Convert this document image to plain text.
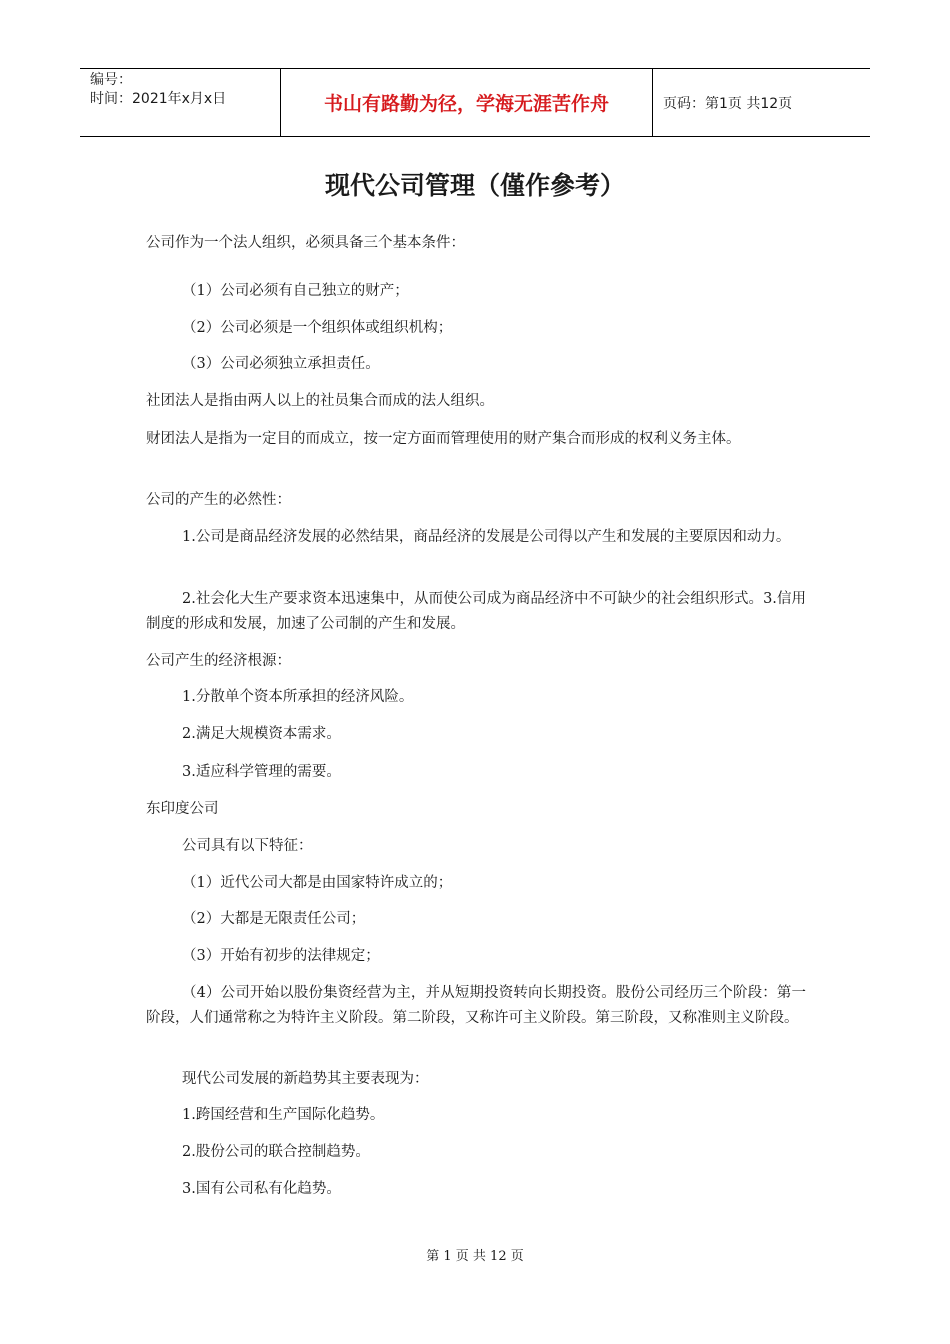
编号：
时间：2021年x月x日	书山有路勤为径，学海无涯苦作舟	页码：第1页 共12页
现代公司管理（僅作參考）
公司作为一个法人组织，必须具备三个基本条件：
（1）公司必须有自己独立的财产；
（2）公司必须是一个组织体或组织机构；
（3）公司必须独立承担责任。
社团法人是指由两人以上的社员集合而成的法人组织。
财团法人是指为一定目的而成立，按一定方面而管理使用的财产集合而形成的权利义务主体。
公司的产生的必然性：
1.公司是商品经济发展的必然结果，商品经济的发展是公司得以产生和发展的主要原因和动力。
2.社会化大生产要求资本迅速集中，从而使公司成为商品经济中不可缺少的社会组织形式。3.信用制度的形成和发展，加速了公司制的产生和发展。
公司产生的经济根源：
1.分散单个资本所承担的经济风险。
2.满足大规模资本需求。
3.适应科学管理的需要。
东印度公司
公司具有以下特征：
（1）近代公司大都是由国家特许成立的；
（2）大都是无限责任公司；
（3）开始有初步的法律规定；
（4）公司开始以股份集资经营为主，并从短期投资转向长期投资。股份公司经历三个阶段：第一阶段，人们通常称之为特许主义阶段。第二阶段，又称许可主义阶段。第三阶段，又称准则主义阶段。
现代公司发展的新趋势其主要表现为：
1.跨国经营和生产国际化趋势。
2.股份公司的联合控制趋势。
3.国有公司私有化趋势。
第 1 页 共 12 页
